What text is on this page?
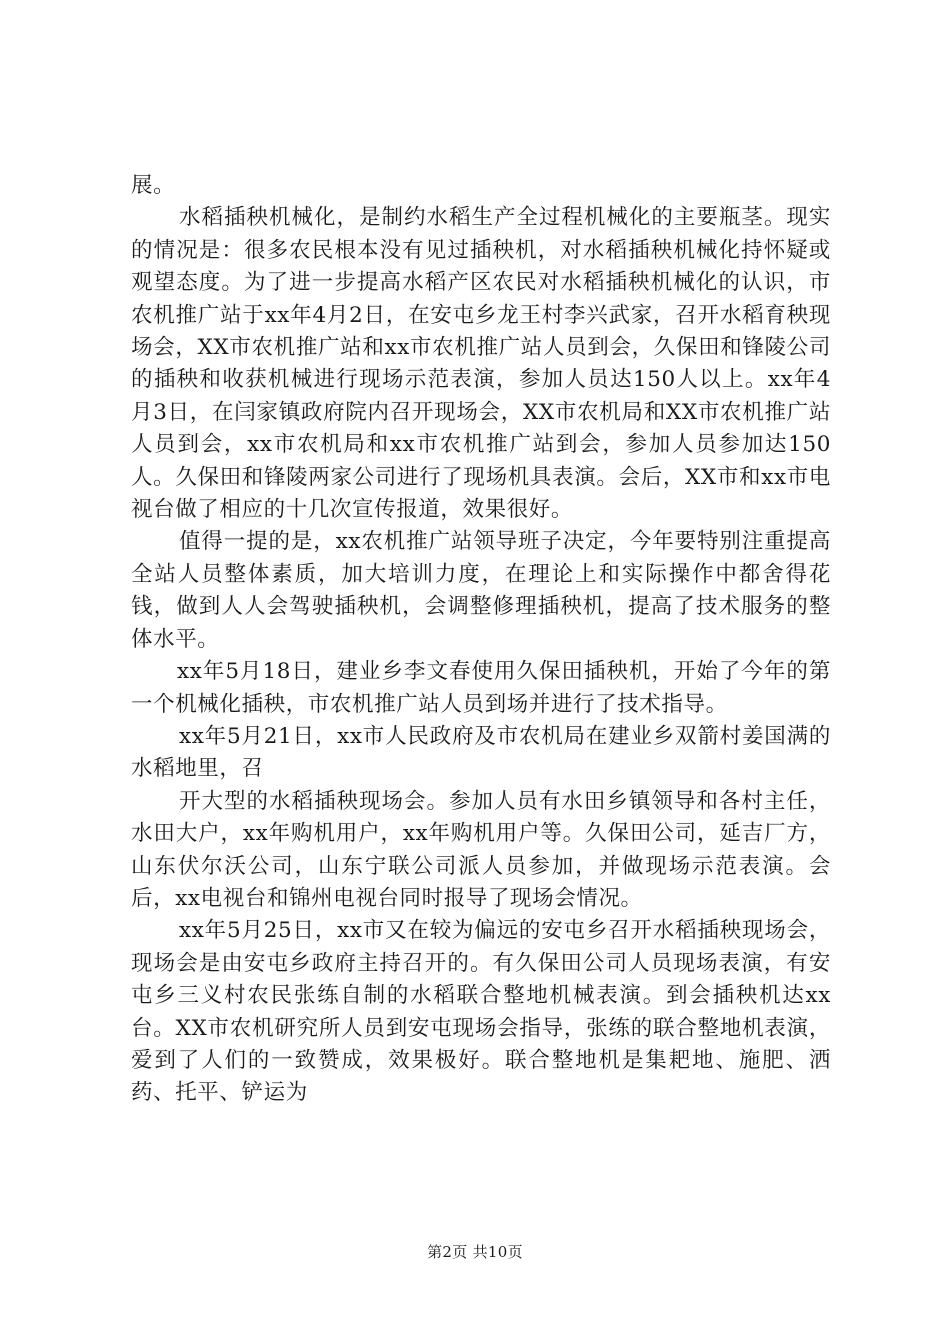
展。

水稻插秧机械化，是制约水稻生产全过程机械化的主要瓶茎。现实的情况是：很多农民根本没有见过插秧机，对水稻插秧机械化持怀疑或观望态度。为了进一步提高水稻产区农民对水稻插秧机械化的认识，市农机推广站于xx年4月2日，在安屯乡龙王村李兴武家，召开水稻育秧现场会，XX市农机推广站和xx市农机推广站人员到会，久保田和锋陵公司的插秧和收获机械进行现场示范表演，参加人员达150人以上。xx年4月3日，在闫家镇政府院内召开现场会，XX市农机局和XX市农机推广站人员到会，xx市农机局和xx市农机推广站到会，参加人员参加达150人。久保田和锋陵两家公司进行了现场机具表演。会后，XX市和xx市电视台做了相应的十几次宣传报道，效果很好。

值得一提的是，xx农机推广站领导班子决定，今年要特别注重提高全站人员整体素质，加大培训力度，在理论上和实际操作中都舍得花钱，做到人人会驾驶插秧机，会调整修理插秧机，提高了技术服务的整体水平。

xx年5月18日，建业乡李文春使用久保田插秧机，开始了今年的第一个机械化插秧，市农机推广站人员到场并进行了技术指导。

xx年5月21日，xx市人民政府及市农机局在建业乡双箭村姜国满的水稻地里，召

开大型的水稻插秧现场会。参加人员有水田乡镇领导和各村主任，水田大户，xx年购机用户，xx年购机用户等。久保田公司，延吉厂方，山东伏尔沃公司，山东宁联公司派人员参加，并做现场示范表演。会后，xx电视台和锦州电视台同时报导了现场会情况。

xx年5月25日，xx市又在较为偏远的安屯乡召开水稻插秧现场会，现场会是由安屯乡政府主持召开的。有久保田公司人员现场表演，有安屯乡三义村农民张练自制的水稻联合整地机械表演。到会插秧机达xx台。XX市农机研究所人员到安屯现场会指导，张练的联合整地机表演，爱到了人们的一致赞成，效果极好。联合整地机是集耙地、施肥、洒药、托平、铲运为

第2页 共10页
